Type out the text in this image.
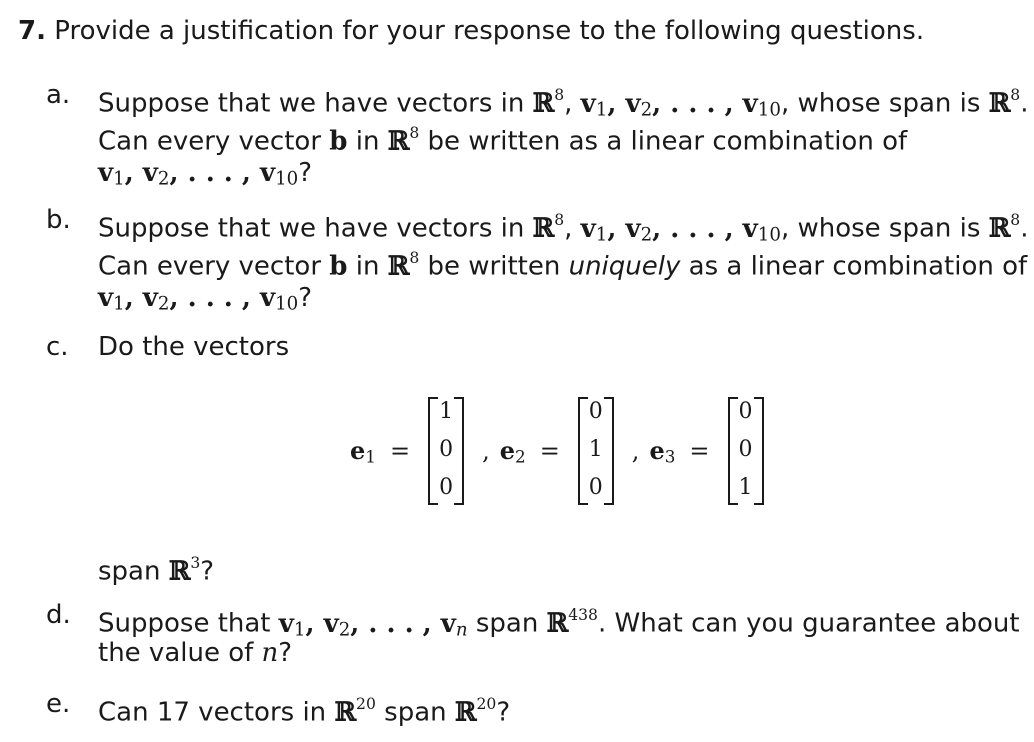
7. Provide a justification for your response to the following questions.
a. Suppose that we have vectors in ℝ$^8$, $v_1$, $v_2$, . . . , $v_{10}$, whose span is ℝ$^8$.
Can every vector b in ℝ$^8$ be written as a linear combination of
$v_1$, $v_2$, . . . , $v_{10}$?
b. Suppose that we have vectors in ℝ$^8$, $v_1$, $v_2$, . . . , $v_{10}$, whose span is ℝ$^8$.
Can every vector b in ℝ$^8$ be written uniquely as a linear combination of
$v_1$, $v_2$, . . . , $v_{10}$?
c. Do the vectors
e1 =
1
0
0
, e2 =
0
1
0
, e3 =
0
0
1
span ℝ$^3$?
d. Suppose that $v_1$, $v_2$, . . . , $v_n$ span ℝ$^{438}$. What can you guarantee about
the value of n?
e. Can 17 vectors in ℝ$^{20}$ span ℝ$^{20}$?
